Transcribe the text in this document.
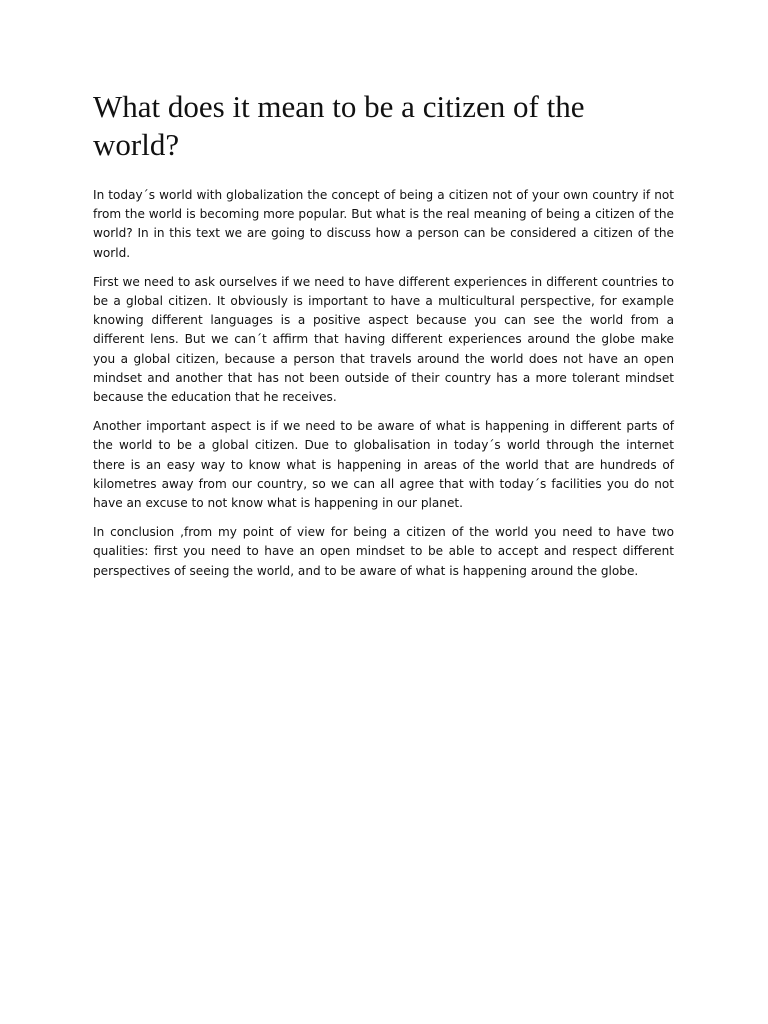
What does it mean to be a citizen of the world?

In today´s world with globalization the concept of being a citizen not of your own country if not from the world is becoming more popular. But what is the real meaning of being a citizen of the world? In in this text we are going to discuss how a person can be considered a citizen of the world.

First we need to ask ourselves if we need to have different experiences in different countries to be a global citizen. It obviously is important to have a multicultural perspective, for example knowing different languages is a positive aspect because you can see the world from a different lens. But we can´t affirm that having different experiences around the globe make you a global citizen, because a person that travels around the world does not have an open mindset and another that has not been outside of their country has a more tolerant mindset because the education that he receives.

Another important aspect is if we need to be aware of what is happening in different parts of the world to be a global citizen. Due to globalisation in today´s world through the internet there is an easy way to know what is happening in areas of the world that are hundreds of kilometres away from our country, so we can all agree that with today´s facilities you do not have an excuse to not know what is happening in our planet.

In conclusion ,from my point of view for being a citizen of the world you need to have two qualities: first you need to have an open mindset to be able to accept and respect different perspectives of seeing the world, and to be aware of what is happening around the globe.
